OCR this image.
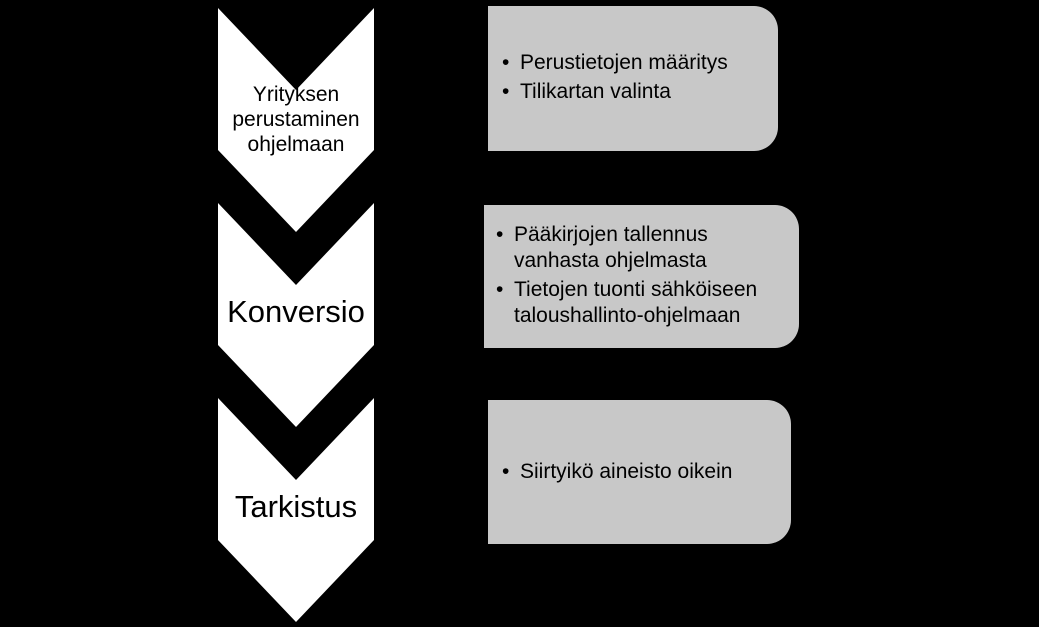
Yrityksen
perustaminen
ohjelmaan
• Perustietojen määritys
• Tilikartan valinta
Konversio
• Pääkirjojen tallennus vanhasta ohjelmasta
• Tietojen tuonti sähköiseen taloushallinto-ohjelmaan
Tarkistus
• Siirtyikö aineisto oikein
